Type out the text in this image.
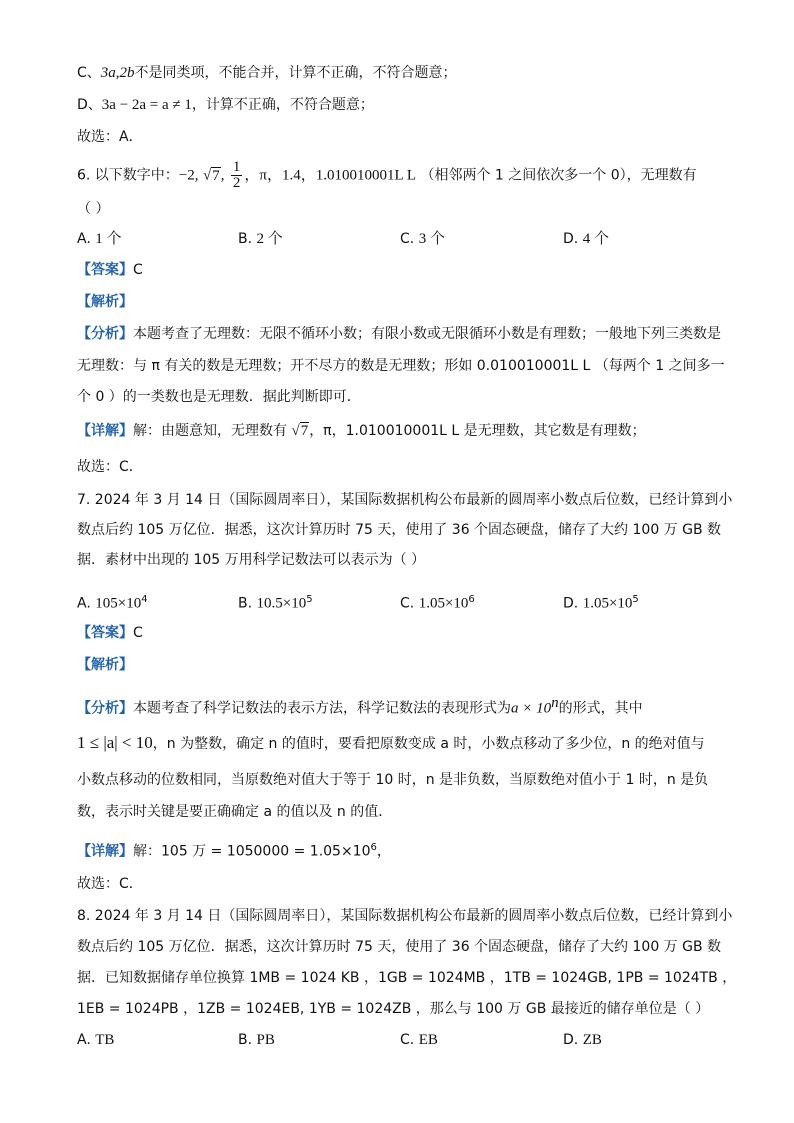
C、3a,2b不是同类项，不能合并，计算不正确，不符合题意；
D、3a − 2a = a ≠ 1，计算不正确，不符合题意；
故选：A．
6. 以下数字中：−2, √7, $\frac{1}{2}$ ，π，1.4，1.010010001L L （相邻两个 1 之间依次多一个 0），无理数有
（ ）
A. 1 个	B. 2 个	C. 3 个	D. 4 个
【答案】C
【解析】
【分析】本题考查了无理数：无限不循环小数；有限小数或无限循环小数是有理数；一般地下列三类数是
无理数：与 π 有关的数是无理数；开不尽方的数是无理数；形如 0.010010001L L （每两个 1 之间多一
个 0 ）的一类数也是无理数．据此判断即可．
【详解】解：由题意知，无理数有 √7，π，1.010010001L L 是无理数，其它数是有理数；
故选：C．
7. 2024 年 3 月 14 日（国际圆周率日），某国际数据机构公布最新的圆周率小数点后位数，已经计算到小
数点后约 105 万亿位．据悉，这次计算历时 75 天，使用了 36 个固态硬盘，储存了大约 100 万 GB 数
据．素材中出现的 105 万用科学记数法可以表示为（ ）
A. $105\times 10^4$	B. $10.5\times 10^5$	C. $1.05\times 10^6$	D. $1.05\times 10^5$
【答案】C
【解析】
【分析】本题考查了科学记数法的表示方法，科学记数法的表现形式为$a \times 10^n$的形式，其中
1 ≤ |a| < 10，n 为整数，确定 n 的值时，要看把原数变成 a 时，小数点移动了多少位，n 的绝对值与
小数点移动的位数相同，当原数绝对值大于等于 10 时，n 是非负数，当原数绝对值小于 1 时，n 是负
数，表示时关键是要正确确定 a 的值以及 n 的值．
【详解】解：105 万 = $1050000 = 1.05\times 10^6$，
故选：C．
8. 2024 年 3 月 14 日（国际圆周率日），某国际数据机构公布最新的圆周率小数点后位数，已经计算到小
数点后约 105 万亿位．据悉，这次计算历时 75 天，使用了 36 个固态硬盘，储存了大约 100 万 GB 数
据．已知数据储存单位换算 1MB = 1024 KB ，1GB = 1024MB ，1TB = 1024GB, 1PB = 1024TB ，
1EB = 1024PB ，1ZB = 1024EB, 1YB = 1024ZB ，那么与 100 万 GB 最接近的储存单位是（ ）
A. TB	B. PB	C. EB	D. ZB
